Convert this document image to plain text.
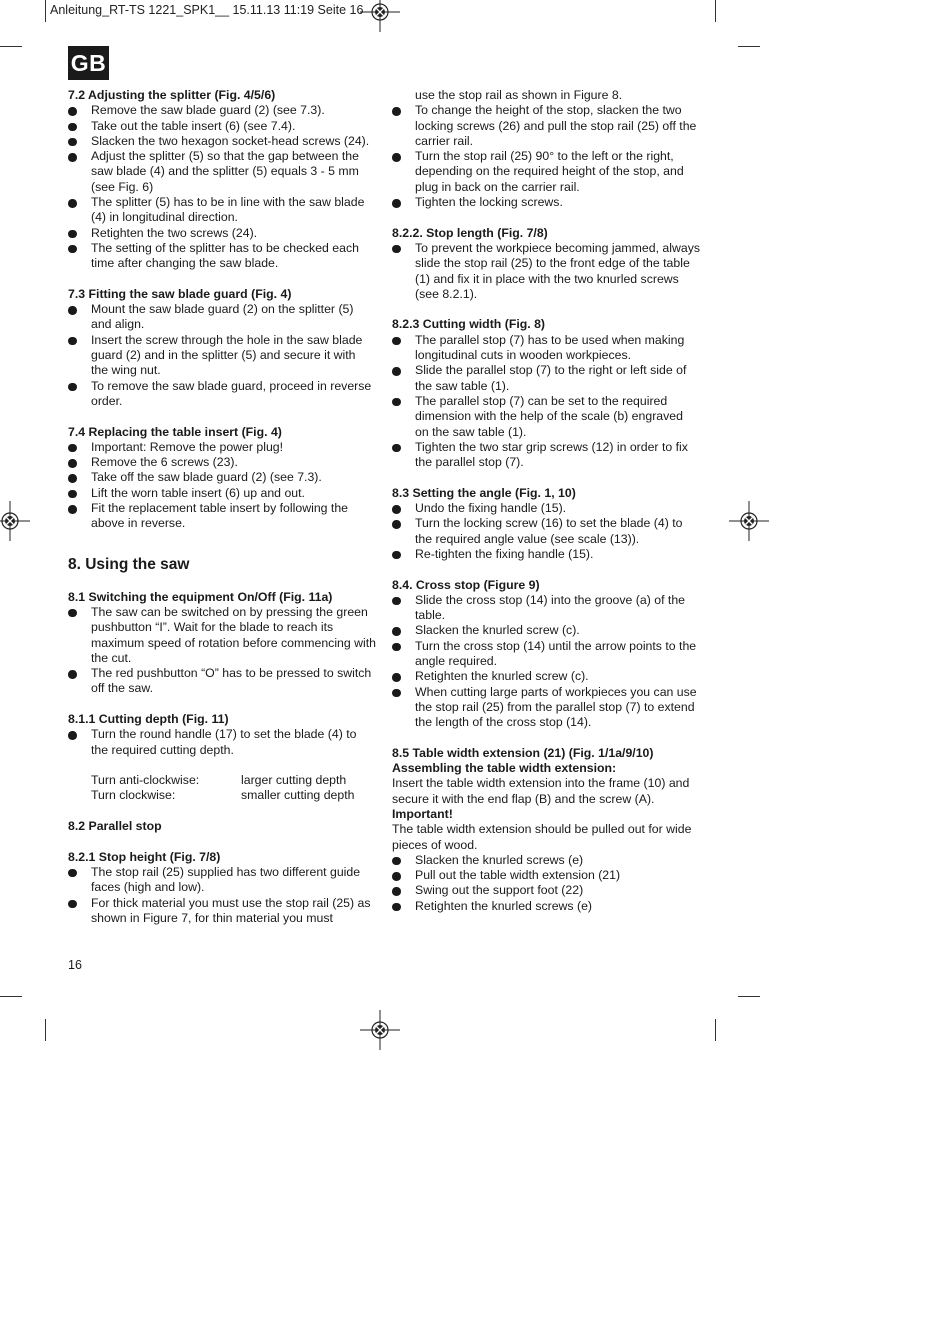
Anleitung_RT-TS 1221_SPK1__ 15.11.13 11:19 Seite 16
GB

7.2 Adjusting the splitter (Fig. 4/5/6)

Remove the saw blade guard (2) (see 7.3).
Take out the table insert (6) (see 7.4).
Slacken the two hexagon socket-head screws (24).
Adjust the splitter (5) so that the gap between the saw blade (4) and the splitter (5) equals 3 - 5 mm (see Fig. 6)
The splitter (5) has to be in line with the saw blade (4) in longitudinal direction.
Retighten the two screws (24).
The setting of the splitter has to be checked each time after changing the saw blade.

7.3 Fitting the saw blade guard (Fig. 4)

Mount the saw blade guard (2) on the splitter (5) and align.
Insert the screw through the hole in the saw blade guard (2) and in the splitter (5) and secure it with the wing nut.
To remove the saw blade guard, proceed in reverse order.

7.4 Replacing the table insert (Fig. 4)

Important: Remove the power plug!
Remove the 6 screws (23).
Take off the saw blade guard (2) (see 7.3).
Lift the worn table insert (6) up and out.
Fit the replacement table insert by following the above in reverse.

8. Using the saw

8.1 Switching the equipment On/Off (Fig. 11a)

The saw can be switched on by pressing the green pushbutton “I”. Wait for the blade to reach its maximum speed of rotation before commencing with the cut.
The red pushbutton “O” has to be pressed to switch off the saw.

8.1.1 Cutting depth (Fig. 11)

Turn the round handle (17) to set the blade (4) to the required cutting depth.
Turn anti-clockwise:	larger cutting depth
Turn clockwise:	smaller cutting depth

8.2 Parallel stop

8.2.1 Stop height (Fig. 7/8)

The stop rail (25) supplied has two different guide faces (high and low).
For thick material you must use the stop rail (25) as shown in Figure 7, for thin material you must
use the stop rail as shown in Figure 8.
To change the height of the stop, slacken the two locking screws (26) and pull the stop rail (25) off the carrier rail.
Turn the stop rail (25) 90° to the left or the right, depending on the required height of the stop, and plug in back on the carrier rail.
Tighten the locking screws.

8.2.2. Stop length (Fig. 7/8)

To prevent the workpiece becoming jammed, always slide the stop rail (25) to the front edge of the table (1) and fix it in place with the two knurled screws (see 8.2.1).

8.2.3 Cutting width (Fig. 8)

The parallel stop (7) has to be used when making longitudinal cuts in wooden workpieces.
Slide the parallel stop (7) to the right or left side of the saw table (1).
The parallel stop (7) can be set to the required dimension with the help of the scale (b) engraved on the saw table (1).
Tighten the two star grip screws (12) in order to fix the parallel stop (7).

8.3 Setting the angle (Fig. 1, 10)

Undo the fixing handle (15).
Turn the locking screw (16) to set the blade (4) to the required angle value (see scale (13)).
Re-tighten the fixing handle (15).

8.4. Cross stop (Figure 9)

Slide the cross stop (14) into the groove (a) of the table.
Slacken the knurled screw (c).
Turn the cross stop (14) until the arrow points to the angle required.
Retighten the knurled screw (c).
When cutting large parts of workpieces you can use the stop rail (25) from the parallel stop (7) to extend the length of the cross stop (14).

8.5 Table width extension (21) (Fig. 1/1a/9/10)

Assembling the table width extension:

Insert the table width extension into the frame (10) and secure it with the end flap (B) and the screw (A).

Important!

The table width extension should be pulled out for wide pieces of wood.

Slacken the knurled screws (e)
Pull out the table width extension (21)
Swing out the support foot (22)
Retighten the knurled screws (e)
16
